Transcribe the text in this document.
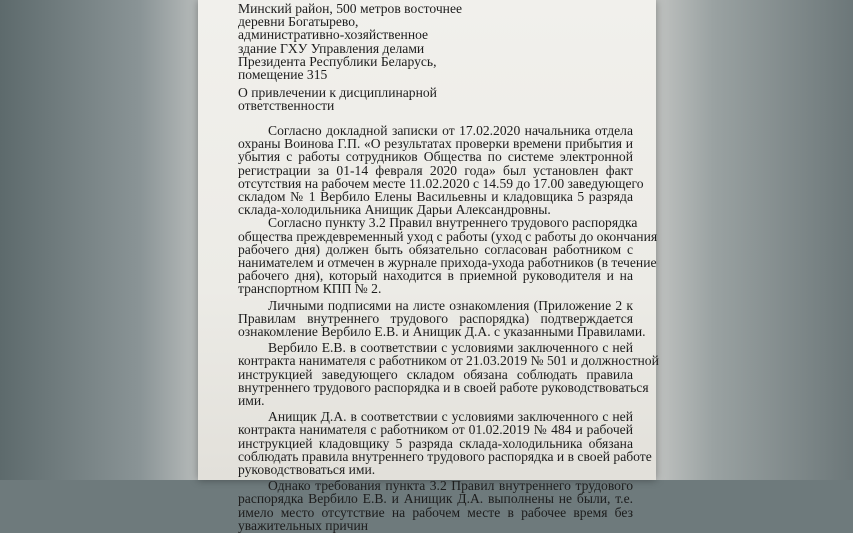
Минский район, 500 метров восточнее
деревни Богатырево,
административно-хозяйственное
здание ГХУ Управления делами
Президента Республики Беларусь,
помещение 315
О привлечении к дисциплинарной
ответственности
Согласно докладной записки от 17.02.2020 начальника отдела
охраны Воинова Г.П. «О результатах проверки времени прибытия и
убытия с работы сотрудников Общества по системе электронной
регистрации за 01-14 февраля 2020 года» был установлен факт
отсутствия на рабочем месте 11.02.2020 с 14.59 до 17.00 заведующего
складом № 1 Вербило Елены Васильевны и кладовщика 5 разряда
склада-холодильника Анищик Дарьи Александровны.
Согласно пункту 3.2 Правил внутреннего трудового распорядка
общества преждевременный уход с работы (уход с работы до окончания
рабочего дня) должен быть обязательно согласован работником с
нанимателем и отмечен в журнале прихода-ухода работников (в течение
рабочего дня), который находится в приемной руководителя и на
транспортном КПП № 2.
Личными подписями на листе ознакомления (Приложение 2 к
Правилам внутреннего трудового распорядка) подтверждается
ознакомление Вербило Е.В. и Анищик Д.А. с указанными Правилами.
Вербило Е.В. в соответствии с условиями заключенного с ней
контракта нанимателя с работником от 21.03.2019 № 501 и должностной
инструкцией заведующего складом обязана соблюдать правила
внутреннего трудового распорядка и в своей работе руководствоваться
ими.
Анищик Д.А. в соответствии с условиями заключенного с ней
контракта нанимателя с работником от 01.02.2019 № 484 и рабочей
инструкцией кладовщику 5 разряда склада-холодильника обязана
соблюдать правила внутреннего трудового распорядка и в своей работе
руководствоваться ими.
Однако требования пункта 3.2 Правил внутреннего трудового
распорядка Вербило Е.В. и Анищик Д.А. выполнены не были, т.е.
имело место отсутствие на рабочем месте в рабочее время без
уважительных причин
